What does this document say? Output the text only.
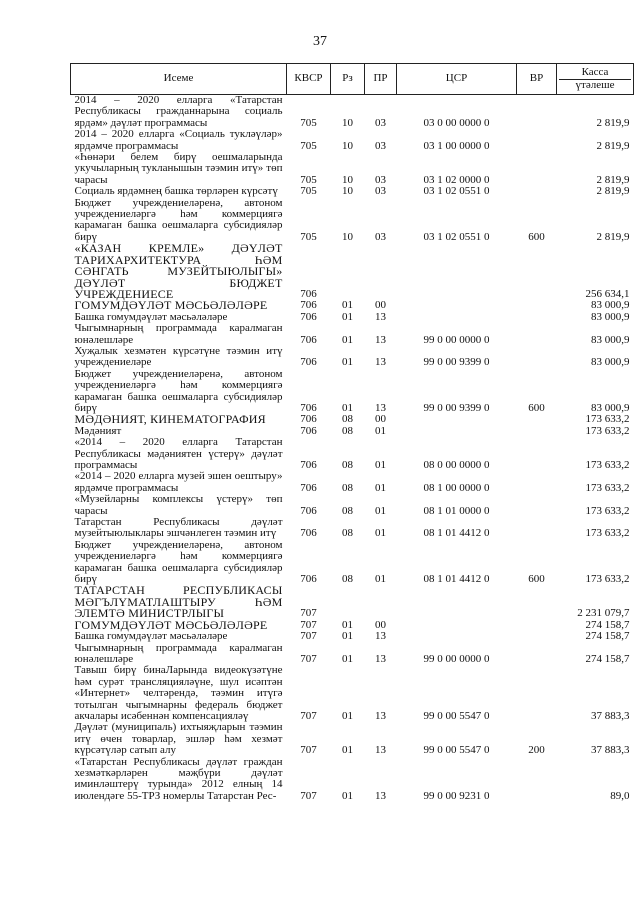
37
Исеме	КВСР	Рз	ПР	ЦСР	ВР	Касса
үтәлеше

2014 – 2020 елларга «Татарстан Республикасы гражданнарына социаль ярдәм» дәүләт программасы	705	10	03	03 0 00 0000 0		2 819,9
2014 – 2020 елларга «Социаль тукләүләр» ярдәмче программасы	705	10	03	03 1 00 0000 0		2 819,9
«Һөнәри белем бирү оешмаларында укучыларның тукланышын тәэмин итү» төп чарасы	705	10	03	03 1 02 0000 0		2 819,9
Социаль ярдәмнең башка төрләрен күрсәтү	705	10	03	03 1 02 0551 0		2 819,9
Бюджет учреждениеләренә, автоном учреждениеләргә һәм коммерциягә карамаган башка оешмаларга субсидияләр бирү	705	10	03	03 1 02 0551 0	600	2 819,9
«КАЗАН КРЕМЛЕ» ДӘҮЛӘТ ТАРИХАРХИТЕКТУРА ҺӘМ СӘНГАТЬ МУЗЕЙТЫЮЛЫГЫ» ДӘҮЛӘТ БЮДЖЕТ УЧРЕЖДЕНИЕСЕ	706					256 634,1
ГОМУМДӘҮЛӘТ МӘСЬӘЛӘЛӘРЕ	706	01	00			83 000,9
Башка гомумдәүләт мәсьәләләре	706	01	13			83 000,9
Чыгымнарның программада каралмаган юнәлешләре	706	01	13	99 0 00 0000 0		83 000,9
Хуҗалык хезмәтен күрсәтүне тәэмин итү учреждениеләре	706	01	13	99 0 00 9399 0		83 000,9
Бюджет учреждениеләренә, автоном учреждениеләргә һәм коммерциягә карамаган башка оешмаларга субсидияләр бирү	706	01	13	99 0 00 9399 0	600	83 000,9
МӘДӘНИЯТ, КИНЕМАТОГРАФИЯ	706	08	00			173 633,2
Мәдәният	706	08	01			173 633,2
«2014 – 2020 елларга Татарстан Республикасы мәдәниятен үстерү» дәүләт программасы	706	08	01	08 0 00 0000 0		173 633,2
«2014 – 2020 елларга музей эшен оештыру» ярдәмче программасы	706	08	01	08 1 00 0000 0		173 633,2
«Музейларны комплексы үстерү» төп чарасы	706	08	01	08 1 01 0000 0		173 633,2
Татарстан Республикасы дәүләт музейтыюлыклары эшчәнлеген тәэмин итү	706	08	01	08 1 01 4412 0		173 633,2
Бюджет учреждениеләренә, автоном учреждениеләргә һәм коммерциягә карамаган башка оешмаларга субсидияләр бирү	706	08	01	08 1 01 4412 0	600	173 633,2
ТАТАРСТАН РЕСПУБЛИКАСЫ МӘГЪЛҮМАТЛАШТЫРУ ҺӘМ ЭЛЕМТӘ МИНИСТРЛЫГЫ	707					2 231 079,7
ГОМУМДӘҮЛӘТ МӘСЬӘЛӘЛӘРЕ	707	01	00			274 158,7
Башка гомумдәүләт мәсьәләләре	707	01	13			274 158,7
Чыгымнарның программада каралмаган юнәлешләре	707	01	13	99 0 00 0000 0		274 158,7
Тавыш бирү бинаЛарында видеокүзәтүне һәм сурәт трансляцияләүне, шул исәптән «Интернет» челтәрендә, тәэмин итүгә тотылган чыгымнарны федераль бюджет акчалары исәбеннән компенсацияләү	707	01	13	99 0 00 5547 0		37 883,3
Дәүләт (муниципаль) ихтыяҗларын тәэмин итү өчен товарлар, эшләр һәм хезмәт күрсәтүләр сатып алу	707	01	13	99 0 00 5547 0	200	37 883,3
«Татарстан Республикасы дәүләт граждан хезмәткәрләрен мәҗбүри дәүләт иминләштерү турында» 2012 елның 14 июлендәге 55-ТРЗ номерлы Татарстан Рес-	707	01	13	99 0 00 9231 0		89,0
